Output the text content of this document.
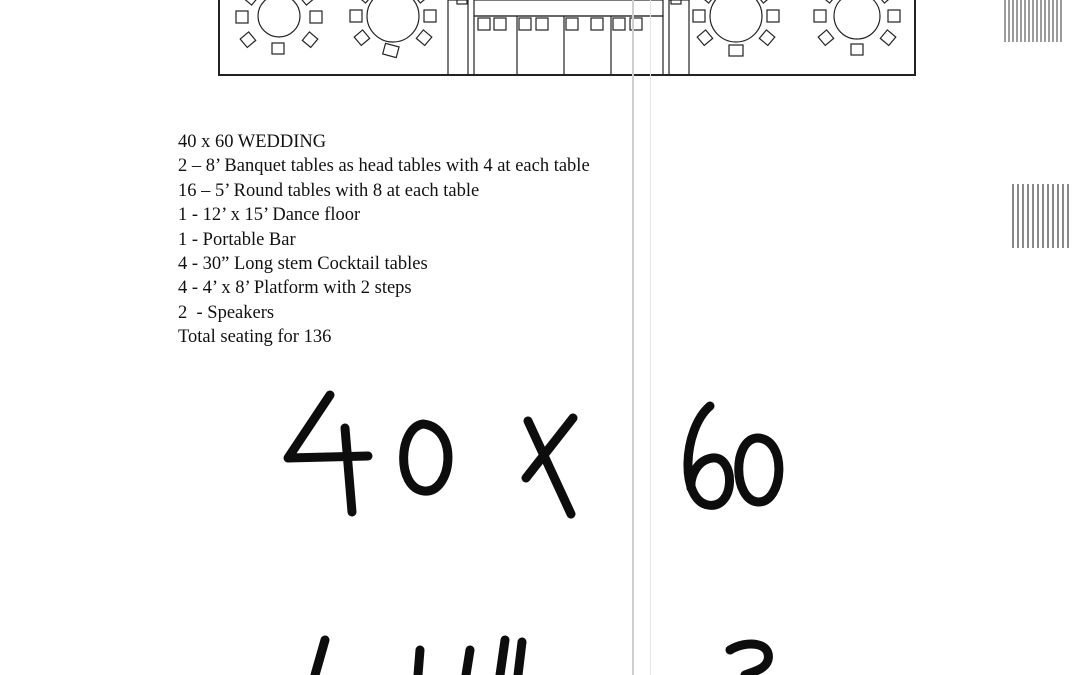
40 x 60 WEDDING
2 – 8’ Banquet tables as head tables with 4 at each table
16 – 5’ Round tables with 8 at each table
1 - 12’ x 15’ Dance floor
1 - Portable Bar
4 - 30” Long stem Cocktail tables
4 - 4’ x 8’ Platform with 2 steps
2  - Speakers
Total seating for 136
